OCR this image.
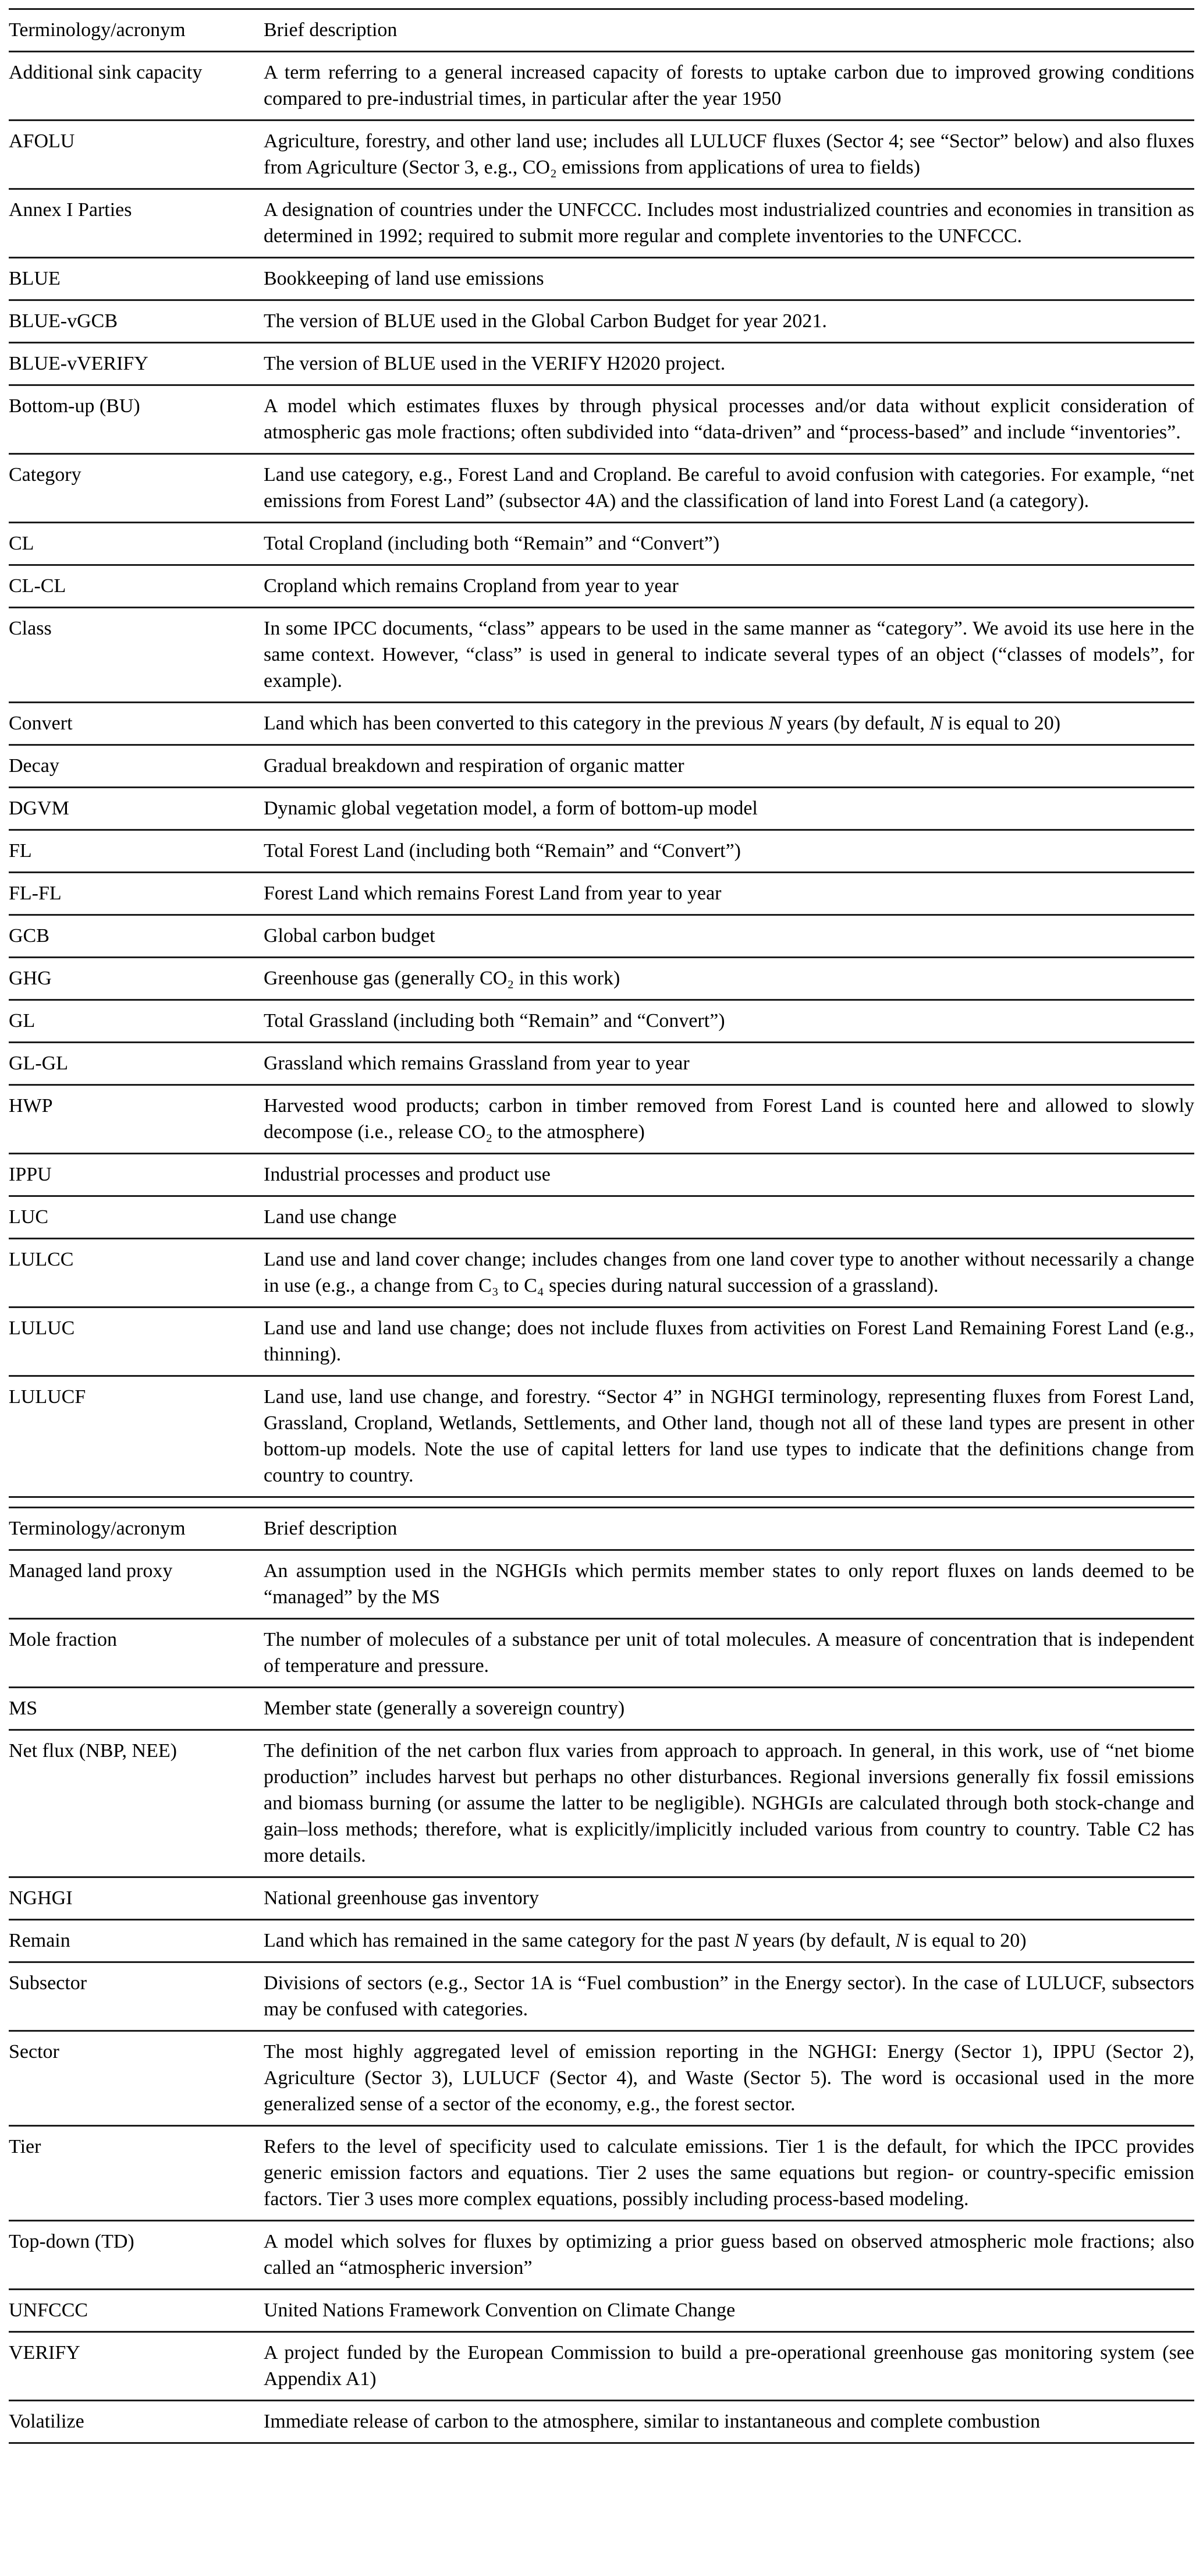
Terminology/acronym	Brief description
Additional sink capacity	A term referring to a general increased capacity of forests to uptake carbon due to improved growing conditions compared to pre-industrial times, in particular after the year 1950
AFOLU	Agriculture, forestry, and other land use; includes all LULUCF fluxes (Sector 4; see “Sector” below) and also fluxes from Agriculture (Sector 3, e.g., CO₂ emissions from applications of urea to fields)
Annex I Parties	A designation of countries under the UNFCCC. Includes most industrialized countries and economies in transition as determined in 1992; required to submit more regular and complete inventories to the UNFCCC.
BLUE	Bookkeeping of land use emissions
BLUE-vGCB	The version of BLUE used in the Global Carbon Budget for year 2021.
BLUE-vVERIFY	The version of BLUE used in the VERIFY H2020 project.
Bottom-up (BU)	A model which estimates fluxes by through physical processes and/or data without explicit consideration of atmospheric gas mole fractions; often subdivided into “data-driven” and “process-based” and include “inventories”.
Category	Land use category, e.g., Forest Land and Cropland. Be careful to avoid confusion with categories. For example, “net emissions from Forest Land” (subsector 4A) and the classification of land into Forest Land (a category).
CL	Total Cropland (including both “Remain” and “Convert”)
CL-CL	Cropland which remains Cropland from year to year
Class	In some IPCC documents, “class” appears to be used in the same manner as “category”. We avoid its use here in the same context. However, “class” is used in general to indicate several types of an object (“classes of models”, for example).
Convert	Land which has been converted to this category in the previous N years (by default, N is equal to 20)
Decay	Gradual breakdown and respiration of organic matter
DGVM	Dynamic global vegetation model, a form of bottom-up model
FL	Total Forest Land (including both “Remain” and “Convert”)
FL-FL	Forest Land which remains Forest Land from year to year
GCB	Global carbon budget
GHG	Greenhouse gas (generally CO₂ in this work)
GL	Total Grassland (including both “Remain” and “Convert”)
GL-GL	Grassland which remains Grassland from year to year
HWP	Harvested wood products; carbon in timber removed from Forest Land is counted here and allowed to slowly decompose (i.e., release CO₂ to the atmosphere)
IPPU	Industrial processes and product use
LUC	Land use change
LULCC	Land use and land cover change; includes changes from one land cover type to another without necessarily a change in use (e.g., a change from C₃ to C₄ species during natural succession of a grassland).
LULUC	Land use and land use change; does not include fluxes from activities on Forest Land Remaining Forest Land (e.g., thinning).
LULUCF	Land use, land use change, and forestry. “Sector 4” in NGHGI terminology, representing fluxes from Forest Land, Grassland, Cropland, Wetlands, Settlements, and Other land, though not all of these land types are present in other bottom-up models. Note the use of capital letters for land use types to indicate that the definitions change from country to country.
Terminology/acronym	Brief description
Managed land proxy	An assumption used in the NGHGIs which permits member states to only report fluxes on lands deemed to be “managed” by the MS
Mole fraction	The number of molecules of a substance per unit of total molecules. A measure of concentration that is independent of temperature and pressure.
MS	Member state (generally a sovereign country)
Net flux (NBP, NEE)	The definition of the net carbon flux varies from approach to approach. In general, in this work, use of “net biome production” includes harvest but perhaps no other disturbances. Regional inversions generally fix fossil emissions and biomass burning (or assume the latter to be negligible). NGHGIs are calculated through both stock-change and gain–loss methods; therefore, what is explicitly/implicitly included various from country to country. Table C2 has more details.
NGHGI	National greenhouse gas inventory
Remain	Land which has remained in the same category for the past N years (by default, N is equal to 20)
Subsector	Divisions of sectors (e.g., Sector 1A is “Fuel combustion” in the Energy sector). In the case of LULUCF, subsectors may be confused with categories.
Sector	The most highly aggregated level of emission reporting in the NGHGI: Energy (Sector 1), IPPU (Sector 2), Agriculture (Sector 3), LULUCF (Sector 4), and Waste (Sector 5). The word is occasional used in the more generalized sense of a sector of the economy, e.g., the forest sector.
Tier	Refers to the level of specificity used to calculate emissions. Tier 1 is the default, for which the IPCC provides generic emission factors and equations. Tier 2 uses the same equations but region- or country-specific emission factors. Tier 3 uses more complex equations, possibly including process-based modeling.
Top-down (TD)	A model which solves for fluxes by optimizing a prior guess based on observed atmospheric mole fractions; also called an “atmospheric inversion”
UNFCCC	United Nations Framework Convention on Climate Change
VERIFY	A project funded by the European Commission to build a pre-operational greenhouse gas monitoring system (see Appendix A1)
Volatilize	Immediate release of carbon to the atmosphere, similar to instantaneous and complete combustion
